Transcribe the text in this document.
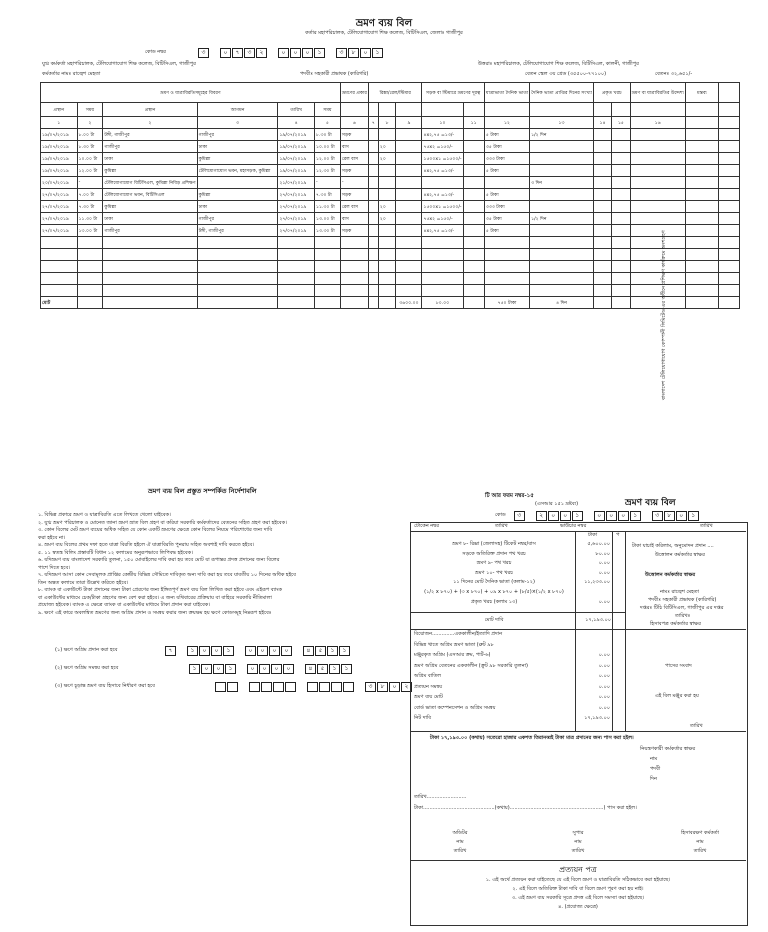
ভ্রমণ ব্যয় বিল
কর্তার মহাপরিচালক, টেলিযোগাযোগ শিক্ষ কলেজ, বিটিসিএল, জেলাঃ গাজীপুর
কোড নম্বর	৩	০	৭	৩	২	০	০	০	১	৩	৮	০	১
যুগ্ম কর্মকর্তা মহাপরিচালক, টেলিযোগাযোগ শিক্ষ কলেজ, বিটিসিএল, গাজীপুর	উত্তরাঃ মহাপরিচালক, টেলিযোগাযোগ শিক্ষ কলেজ, বিটিসিএল, কালনী, গাজীপুর
কর্মকর্তার নামঃ রাজ্বেশ মেহতা	পদবীঃ সহকারী প্রভাষক (কারিগরি)	বেতন স্কেল ৩য় গ্রেড (৩৫৫০০-৭৭১০০)	বেতনঃ ৩২,৬৫১/-
ভ্রমণ ও যাত্রাবিরতিসমূহের বিবরণ						ভ্রমণের প্রকার	রিক্সা/রেল/স্টিমার			সড়ক বা স্টিমারে ভ্রমণের দূরত্ব		যাত্রাভাতা দৈনিক ভাতা	দৈনিক ভাতা প্রাপ্তির দিনের সংখ্যা	প্রকৃত খরচ		ভ্রমণ বা যাত্রাবিরতির উদ্দেশ্য	মন্তব্য	
প্রস্থান	সময়	প্রস্থান	আগমন	তারিখ	সময়													
১	২	২	৩	৪	৫	৬	৭	৮	৯	১০	১১	১২	১৩	১৪	১৫	১৬		
১৯/০৭/২০১৯	৮.০০ টা	টঙ্গী, গাজীপুর	গাজীপুর	১৯/০৭/২০১৯	৮.৩০ টা	সড়ক				৪x২,৭৫ =১৩/-		৫ টাকা	১/২ দিন					
১৯/০৭/২০১৯	৮.৩০ টা	গাজীপুর	ঢাকা	১৯/০৭/২০১৯	১০.০০ টা	বাস		২০		৭৫x২ =১৫০/-		৩৫ টাকা						
১৯/০৭/২০১৯	১০.০০ টা	ঢাকা	কুমিল্লা	১৯/০৭/২০১৯	১২.০০ টা	রেল বাস		২০		১৫০০x১ =১৫০০/-		৩৩৩ টাকা						
১৯/০৭/২০১৯	১২.০০ টা	কুমিল্লা	টেলিযোগাযোগ ভবন, মহাসড়ক, কুমিল্লা	১৯/০৭/২০১৯	১২.৩০ টা	সড়ক				৪x২,৭৫ =১৩/-		৫ টাকা						
২০/০৭/২০১৯	-	টেলিযোগাযোগ বিটিসিএল, কুমিল্লা নিবিড় প্রশিক্ষণ		২১/০৭/২০১৯	-	-							৩ দিন					
২৭/০৭/২০১৯	৭.০০ টা	টেলিযোগাযোগ ভবন, বিটিসিএল	কুমিল্লা	২৭/০৭/২০১৯	৭.৩০ টা	সড়ক				৪x২,৭৫ =১৩/-		৫ টাকা						
২৭/০৭/২০১৯	৭.৩০ টা	কুমিল্লা	ঢাকা	২৭/০৭/২০১৯	১১.৩০ টা	রেল বাস		২০		১৫০০x১ =১৫০০/-		৩৩৩ টাকা						
২৭/০৭/২০১৯	১১.৩০ টা	ঢাকা	গাজীপুর	২৭/০৭/২০১৯	১৩.০০ টা	বাস		২০		৭৫x২ =১৫০/-		৩৫ টাকা	১/২ দিন					
২৭/০৭/২০১৯	১৩.০০ টা	গাজীপুর	টঙ্গী, গাজীপুর	২৭/০৭/২০১৯	১৩.৩০ টা	সড়ক				৪x২,৭৫ =১৩/-		৫ টাকা						

মোট									৩৬০০.০০	৮০.০০		৭৫০ টাকা	৪ দিন						বাংলাদেশ টেলিযোগাযোগ কোম্পানী লিমিটেড এর অধীনে প্রশিক্ষণ কার্যক্রমে অংশগ্রহণ
ভ্রমণ ব্যয় বিল প্রস্তুত সম্পর্কিত নির্দেশাবলি
১. বিভিন্ন প্রকারে ভ্রমণ ও যাত্রাবিরতি এতে লিখতে খেলো যাইবেক।
২. যুগ্ম ভ্রমণ পরিচালক ও মোনেত জানা ভ্রমণ ভ্রাত বিল গ্রহণ বা করিয়া সরকারি কর্মকর্তাদের বেতনের সহিত গ্রহণ করা হইবেক।
৩. কোন বিলের মেট ভ্রমণ ব্যয়ের অধিক সহিত যে কোন একটি ভ্রমণের ক্ষেত্রে কোন বিলের নিয়মে পরিশোধের জন্য দাবি
করা হইবে না।
৪. ভ্রমণ ব্যয় বিলের প্রথম দফা হতে যাত্রা বিরতি হইলে ঐ যাত্রাবিরতি পুনরায় সহিত অবশ্যই দাবি করতে হইবে।
৫. ১১ স্বতন্ত্র বিলিং প্রস্তাবটি বিধান ১২ কলামের অনুরূপভাবে লিপিবদ্ধ হইবেক।
৬. যদিভ্রমণ ব্যয় বাংলাদেশ সরকারি তুলনা, ১৫০ মোবাইলের দাবি করা হয় তবে মোট যা রূপান্তর প্রদত্ত প্রদানের জন্য বিলের
পাশে দিতে হবে।
৭. যদিভ্রমণ আসা কোন সেবামূলক প্রাপ্তির কেন্দ্রীয় বিভিন্ন সৌমিতে দাবিকৃত অন্য দাবি করা হয় তবে যাবতীয় ১০ দিনের অধিক হইবে
তিন অন্তত কলামে তারা উল্লেখ করিতে হইবে।
৮. ব্যাংক বা একাউন্টে টাকা প্রদানের জন্য টাকা প্রেরণের জন্য ইঙ্গিতপূর্ণ ভ্রমণ ব্যয় বিল লিখিত করা হইবে এবং এইরূপ ব্যাংক
বা একাউন্টের মাধ্যমে চেক/টাকা গ্রহণের জন্য বেশ করা হইবে। এ জন্য যথিবারের প্রক্রিয়ায় বা বাহিরে সরকারি নীতিমালা
প্রযোজ্য হইবেক। ব্যাংক এ ক্ষেত্রে ব্যাংক বা একাউন্টের মাধ্যমে টাকা প্রদান করা যাইবেক।
৯. ক্ষণে এই কারে অবলম্বিত ভ্রমণের জন্য অগ্রিম প্রদান ও সমন্বয় করার জন্য ক্রয়ক্ষম হয় ক্ষণে কোডসমূহ নিম্নরূপ হইবেঃ
(১) ক্ষণে অগ্রিম প্রদান করা হবে	৭	১	০	০	১	০	০	০	০	৪	৫	১	১
(২) ক্ষণে অগ্রিম সমন্বয় করা হবে	১	০	০	১	০	০	০	০	৪	৫	১	১
(৩) ক্ষণে চূড়ান্ত ভ্রমণ ব্যয় হিসাবে নির্ধারণ করা হবে	৩	৮	০	২
টি আর ফরম নম্বর-১৫
(এসআর ১৫১ দ্রষ্টব্য)	ভ্রমণ ব্যয় বিল
কোড	৩	২	০	০	১	০	০	০	১	৩	৮	০	১
টোকেন নম্বর	তারিখ	ভাউচার নম্বর	তারিখ
টাকা	প
ভ্রমণ ৮- রিক্সা (জেলাসহ) টিকেট নম্বর/বাস	৫,৬০০.০০
সড়কে অতিরিক্ত প্রদান পথ খরচ	৮০.০০
ভ্রমণ ৯- পথ খরচ	০.০০
ভ্রমণ ১০- পথ খরচ	০.০০
১১ দিনের মোট দৈনিক ভাতা (কলাম-১২)	১১,২৩৩.০০
(১/২ x ৮৭০) + (৩ x ৮৭০) + ০৯ x ৮৭০ + (৮/৫)×(১/২ x ৮৭০)
প্রকৃত খরচ (কলাম ১৩)	০.০০
মোট দাবি	১৭,১৯৩.০০
বিয়োজন..............এককালীন/ইত্যাদি প্রদান
বিভিন্ন খাতে অগ্রিম ভ্রমণ ভাতা (ব্রুট ৯৮
মঞ্জুরকৃত অগ্রিম (এসআর ক্রম, পার্ট-৬)	০.০০
ভ্রমণ অগ্রিম বেতনের এককালীন (ক্রুট ৯৮ সরকারি তুলনা)	০.০০
অগ্রিম বাতিল	০.০০
প্রত্যয়ন সমন্বয়	০.০০
ভ্রমণ ব্যয় মোট	০.০০
বোর্ড ভাতা কম্পেনসেশন ও অগ্রিম সমন্বয়	০.০০
নিট দাবি	১৭,১৯৩.০০
টাকা যাচাই করিলাম, অনুমোদন প্রদান ....
উত্তোলন কর্মকর্তার স্বাক্ষর
উত্তোলন কর্মকর্তার স্বাক্ষর
নামঃ রাজ্বেশ মেহতা
পদবীঃ সহকারী প্রভাষক (কারিগরি)
দপ্তরঃ টিচি বিটিসিএল, গাজীপুর এর দপ্তর
তারিখঃ
হিসাবপত্র কর্মকর্তার স্বাক্ষর
পাসের সংবাদ
এই বিল মঞ্জুর করা হয়
তারিখ
টাকা ১৭,১৯৩.০০ (কথায়) সতেরো হাজার একশত তিরানব্বই টাকা মাত্র প্রদানের জন্য পাস করা হইল।
নিয়ন্ত্রণকারী কর্মকর্তার স্বাক্ষর
নাম
পদবী
দিন
তারিখ.........................
টাকা.............................................(কথায়)...........................................................) পাস করা হইল।
অডিটর
নাম
তারিখ
সুপার
নাম
তারিখ
হিসাবরক্ষণ কর্মকর্তা
নাম
তারিখ
প্রত্যয়ন পত্র
১. এই অর্থে প্রত্যয়ন করা যাইতেছে যে এই বিলে ভ্রমণ ও যাত্রাবিরতি সঠিকভাবে করা হইয়াছে।
২. এই বিলে অতিরিক্ত টাকা দাবি বা বিলে ভ্রমণ পূরণ করা হয় নাই।
৩. এই ভ্রমণ ব্যয় সরকারি সূত্রে প্রদত্ত এই বিলে সমস্যা করা হইয়াছে।
৪. (প্রযোজ্য ক্ষেত্রে)
